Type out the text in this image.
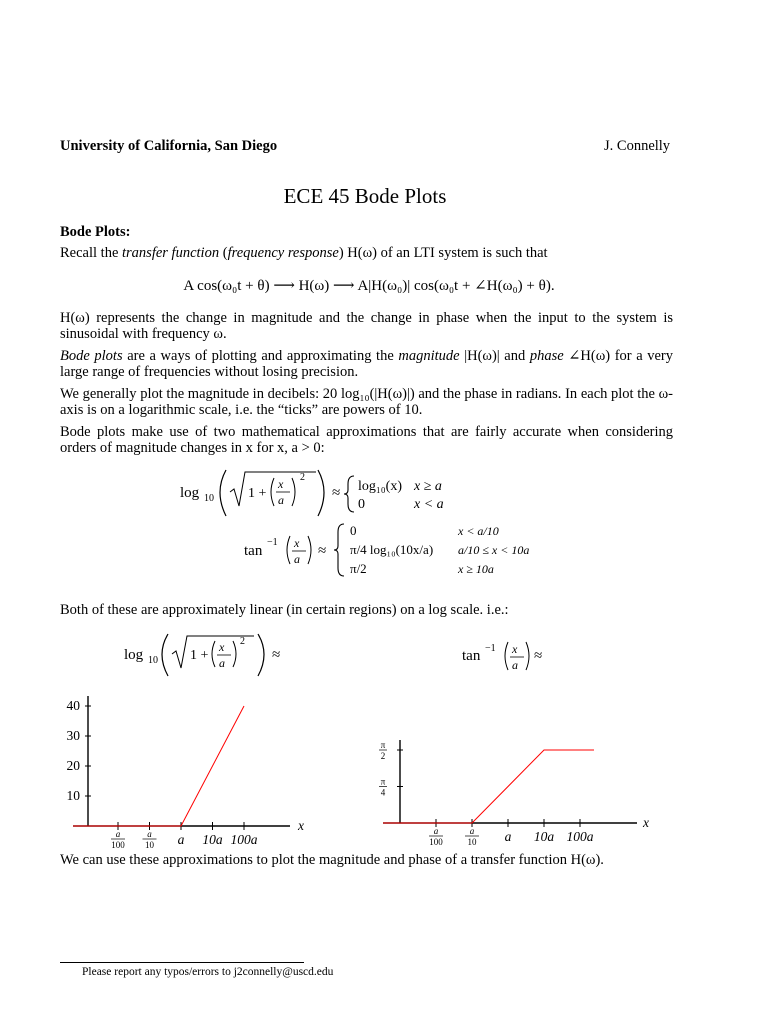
University of California, San Diego	J. Connelly
ECE 45 Bode Plots
Bode Plots:

Recall the transfer function (frequency response) H(ω) of an LTI system is such that

A cos(ω₀t + θ) ⟶ H(ω) ⟶ A|H(ω₀)| cos(ω₀t + ∠H(ω₀) + θ).

H(ω) represents the change in magnitude and the change in phase when the input to the system is sinusoidal with frequency ω.

Bode plots are a ways of plotting and approximating the magnitude |H(ω)| and phase ∠H(ω) for a very large range of frequencies without losing precision.

We generally plot the magnitude in decibels: 20 log₁₀(|H(ω)|) and the phase in radians. In each plot the ω-axis is on a logarithmic scale, i.e. the “ticks” are powers of 10.

Bode plots make use of two mathematical approximations that are fairly accurate when considering orders of magnitude changes in x for x, a > 0:

log 10 1 +
x
a
2
≈ log₁₀(x) x ≥ a
0	x < a
tan
−1 x
a ≈
0	x < a/10
π/4 log₁₀(10x/a) a/10 ≤ x < 10a
π/2	x ≥ 10a

Both of these are approximately linear (in certain regions) on a log scale. i.e.:

log 10 1 +
x
a
2
≈	tan −1 x
a
≈
x
10
20
30
40
a
100
a
10 a 10a 100a
x
π
4
π
2
a
100
a
10 a 10a 100a

We can use these approximations to plot the magnitude and phase of a transfer function H(ω).

Please report any typos/errors to j2connelly@uscd.edu
